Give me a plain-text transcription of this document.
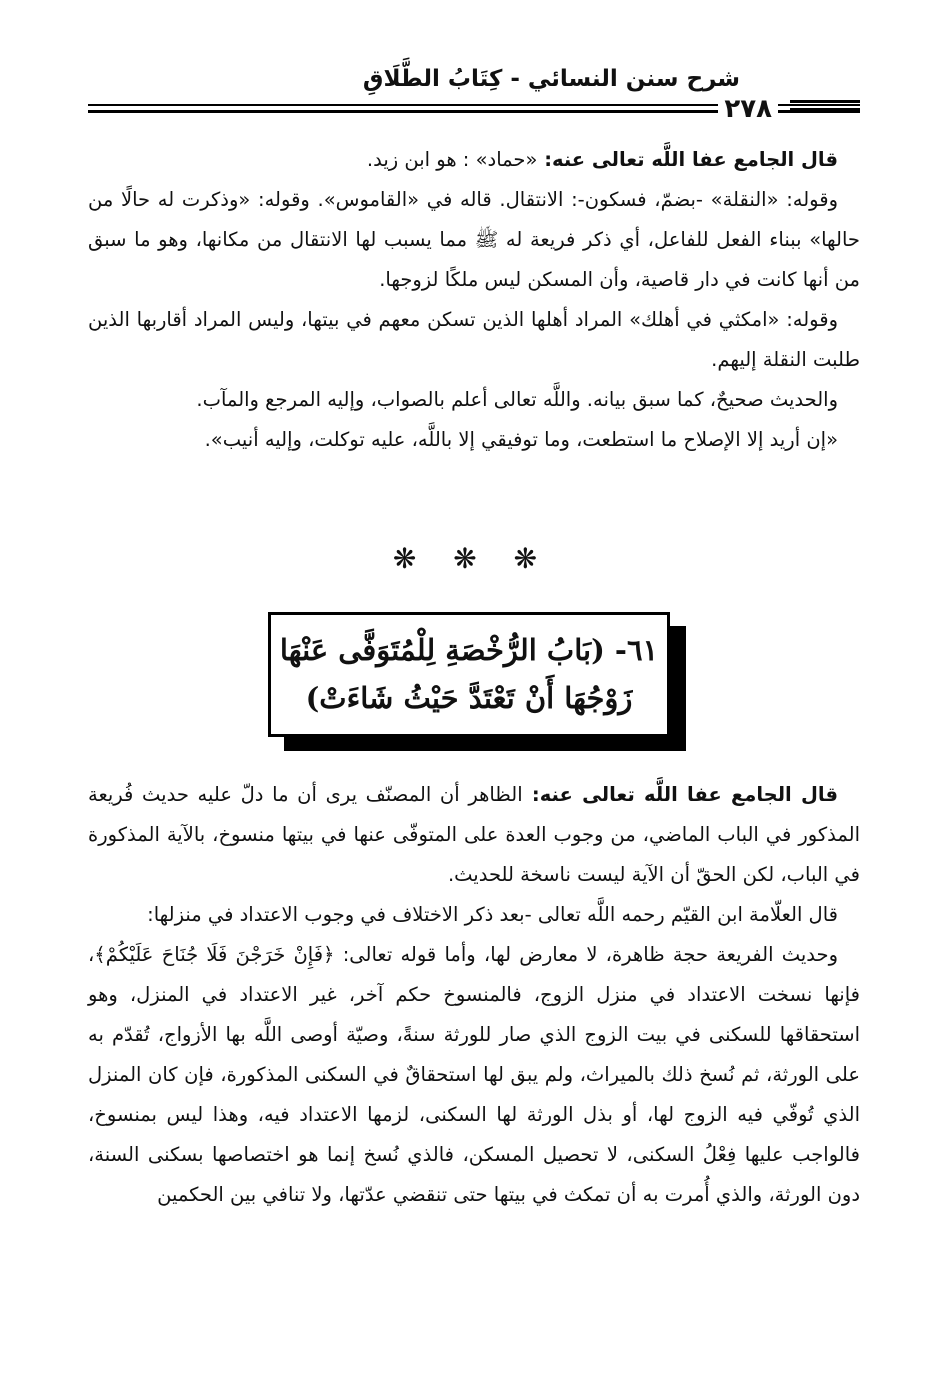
شرح سنن النسائي - كِتَابُ الطَّلَاقِ
٢٧٨

قال الجامع عفا اللَّه تعالى عنه: «حماد» : هو ابن زيد.

وقوله: «النقلة» -بضمّ، فسكون-: الانتقال. قاله في «القاموس». وقوله: «وذكرت له حالًا من حالها» ببناء الفعل للفاعل، أي ذكر فريعة له ﷺ مما يسبب لها الانتقال من مكانها، وهو ما سبق من أنها كانت في دار قاصية، وأن المسكن ليس ملكًا لزوجها.

وقوله: «امكثي في أهلك» المراد أهلها الذين تسكن معهم في بيتها، وليس المراد أقاربها الذين طلبت النقلة إليهم.

والحديث صحيحٌ، كما سبق بيانه. واللَّه تعالى أعلم بالصواب، وإليه المرجع والمآب.

«إن أريد إلا الإصلاح ما استطعت، وما توفيقي إلا باللَّه، عليه توكلت، وإليه أنيب».

❋ ❋ ❋
٦١- (بَابُ الرُّخْصَةِ لِلْمُتَوَفَّى عَنْهَا
زَوْجُهَا أَنْ تَعْتَدَّ حَيْثُ شَاءَتْ)

قال الجامع عفا اللَّه تعالى عنه: الظاهر أن المصنّف يرى أن ما دلّ عليه حديث فُريعة المذكور في الباب الماضي، من وجوب العدة على المتوفّى عنها في بيتها منسوخ، بالآية المذكورة في الباب، لكن الحقّ أن الآية ليست ناسخة للحديث.

قال العلّامة ابن القيّم رحمه اللَّه تعالى -بعد ذكر الاختلاف في وجوب الاعتداد في منزلها:

وحديث الفريعة حجة ظاهرة، لا معارض لها، وأما قوله تعالى: ﴿فَإِنْ خَرَجْنَ فَلَا جُنَاحَ عَلَيْكُمْ﴾، فإنها نسخت الاعتداد في منزل الزوج، فالمنسوخ حكم آخر، غير الاعتداد في المنزل، وهو استحقاقها للسكنى في بيت الزوج الذي صار للورثة سنةً، وصيّة أوصى اللَّه بها الأزواج، تُقدّم به على الورثة، ثم نُسخ ذلك بالميراث، ولم يبق لها استحقاقٌ في السكنى المذكورة، فإن كان المنزل الذي تُوفّي فيه الزوج لها، أو بذل الورثة لها السكنى، لزمها الاعتداد فيه، وهذا ليس بمنسوخ، فالواجب عليها فِعْلُ السكنى، لا تحصيل المسكن، فالذي نُسخ إنما هو اختصاصها بسكنى السنة، دون الورثة، والذي أُمرت به أن تمكث في بيتها حتى تنقضي عدّتها، ولا تنافي بين الحكمين
